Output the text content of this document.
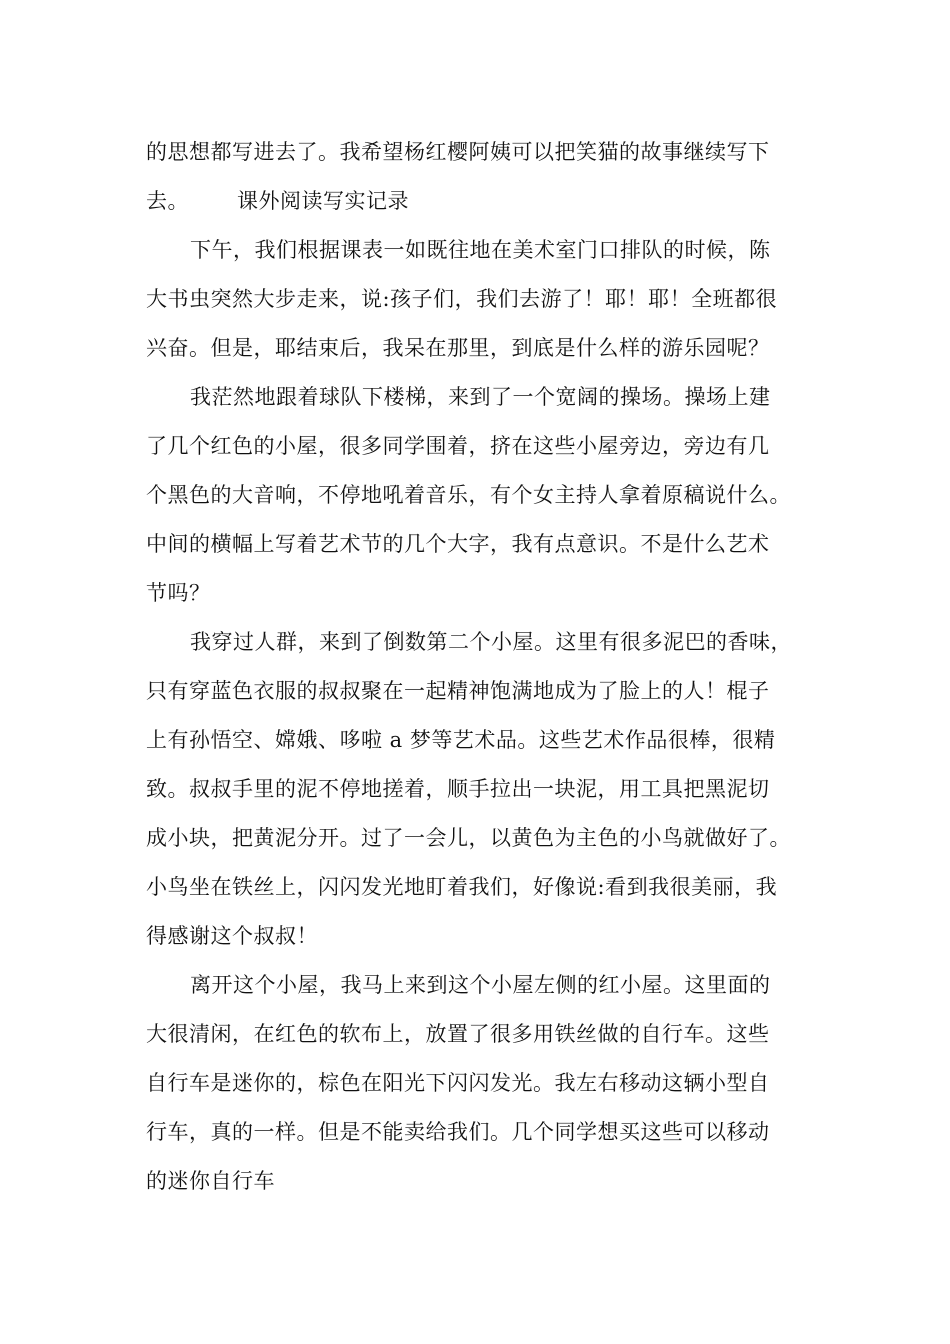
的思想都写进去了。我希望杨红樱阿姨可以把笑猫的故事继续写下

去。 课外阅读写实记录

下午，我们根据课表一如既往地在美术室门口排队的时候，陈

大书虫突然大步走来，说:孩子们，我们去游了！耶！耶！全班都很

兴奋。但是，耶结束后，我呆在那里，到底是什么样的游乐园呢？

我茫然地跟着球队下楼梯，来到了一个宽阔的操场。操场上建

了几个红色的小屋，很多同学围着，挤在这些小屋旁边，旁边有几

个黑色的大音响，不停地吼着音乐，有个女主持人拿着原稿说什么。

中间的横幅上写着艺术节的几个大字，我有点意识。不是什么艺术

节吗？

我穿过人群，来到了倒数第二个小屋。这里有很多泥巴的香味，

只有穿蓝色衣服的叔叔聚在一起精神饱满地成为了脸上的人！棍子

上有孙悟空、嫦娥、哆啦 a 梦等艺术品。这些艺术作品很棒，很精

致。叔叔手里的泥不停地搓着，顺手拉出一块泥，用工具把黑泥切

成小块，把黄泥分开。过了一会儿，以黄色为主色的小鸟就做好了。

小鸟坐在铁丝上，闪闪发光地盯着我们，好像说:看到我很美丽，我

得感谢这个叔叔！

离开这个小屋，我马上来到这个小屋左侧的红小屋。这里面的

大很清闲，在红色的软布上，放置了很多用铁丝做的自行车。这些

自行车是迷你的，棕色在阳光下闪闪发光。我左右移动这辆小型自

行车，真的一样。但是不能卖给我们。几个同学想买这些可以移动

的迷你自行车
